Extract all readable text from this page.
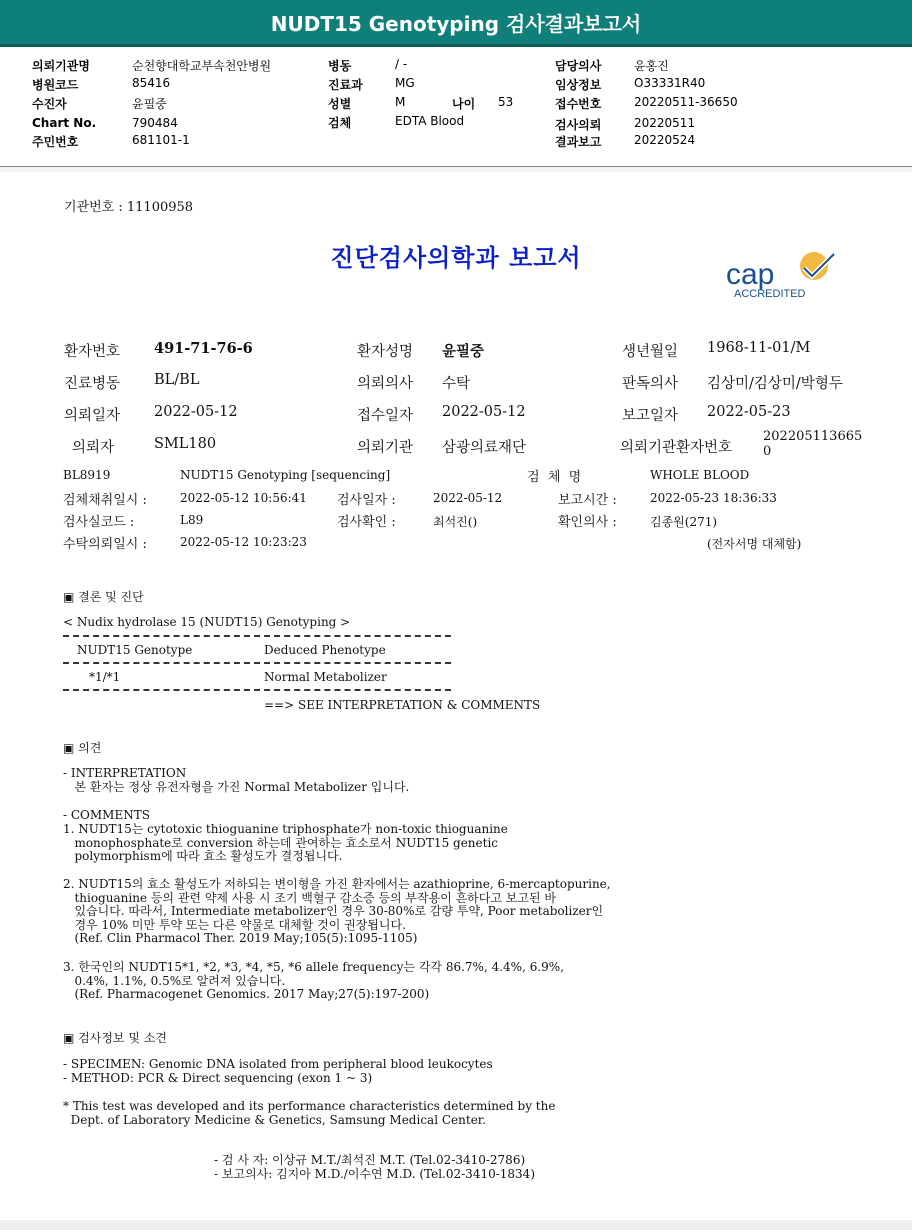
NUDT15 Genotyping 검사결과보고서
의뢰기관명	순천향대학교부속천안병원
병원코드	85416
수진자	윤필중
Chart No.	790484
주민번호	681101-1
병동	/ -
진료과	MG
성별	M	나이 53
검체	EDTA Blood
담당의사	윤홍진
임상정보	O33331R40
접수번호	20220511-36650
검사의뢰	20220511
결과보고	20220524
기관번호 : 11100958
진단검사의학과 보고서	cap
ACCREDITED
환자번호 491-71-76-6	환자성명 윤필중	생년월일 1968-11-01/M
진료병동 BL/BL	의뢰의사 수탁	판독의사 김상미/김상미/박형두
의뢰일자 2022-05-12	접수일자 2022-05-12	보고일자 2022-05-23
의뢰자	SML180	의뢰기관 삼광의료재단	의뢰기관환자번호
202205113665
0
BL8919	NUDT15 Genotyping [sequencing]	검  체  명	WHOLE BLOOD
검체채취일시 :	2022-05-12 10:56:41 검사일자 :	2022-05-12	보고시간 :	2022-05-23 18:36:33
검사실코드 :	L89	검사확인 :	최석진()	확인의사 :	김종원(271)
수탁의뢰일시 :	2022-05-12 10:23:23	(전자서명 대체함)
▣ 결론 및 진단
< Nudix hydrolase 15 (NUDT15) Genotyping >
NUDT15 Genotype	Deduced Phenotype
*1/*1	Normal Metabolizer
==> SEE INTERPRETATION & COMMENTS
▣ 의견
- INTERPRETATION
본 환자는 정상 유전자형을 가진 Normal Metabolizer 입니다.
- COMMENTS
1. NUDT15는 cytotoxic thioguanine triphosphate가 non-toxic thioguanine
monophosphate로 conversion 하는데 관여하는 효소로서 NUDT15 genetic
polymorphism에 따라 효소 활성도가 결정됩니다.
2. NUDT15의 효소 활성도가 저하되는 변이형을 가진 환자에서는 azathioprine, 6-mercaptopurine,
thioguanine 등의 관련 약제 사용 시 조기 백혈구 감소증 등의 부작용이 흔하다고 보고된 바
있습니다. 따라서, Intermediate metabolizer인 경우 30-80%로 감량 투약, Poor metabolizer인
경우 10% 미만 투약 또는 다른 약물로 대체할 것이 권장됩니다.
(Ref. Clin Pharmacol Ther. 2019 May;105(5):1095-1105)
3. 한국인의 NUDT15*1, *2, *3, *4, *5, *6 allele frequency는 각각 86.7%, 4.4%, 6.9%,
0.4%, 1.1%, 0.5%로 알려져 있습니다.
(Ref. Pharmacogenet Genomics. 2017 May;27(5):197-200)
▣ 검사정보 및 소견
- SPECIMEN: Genomic DNA isolated from peripheral blood leukocytes
- METHOD: PCR & Direct sequencing (exon 1 ~ 3)
* This test was developed and its performance characteristics determined by the
Dept. of Laboratory Medicine & Genetics, Samsung Medical Center.
- 검 사 자: 이상규 M.T./최석진 M.T. (Tel.02-3410-2786)
- 보고의사: 김지아 M.D./이수연 M.D. (Tel.02-3410-1834)
